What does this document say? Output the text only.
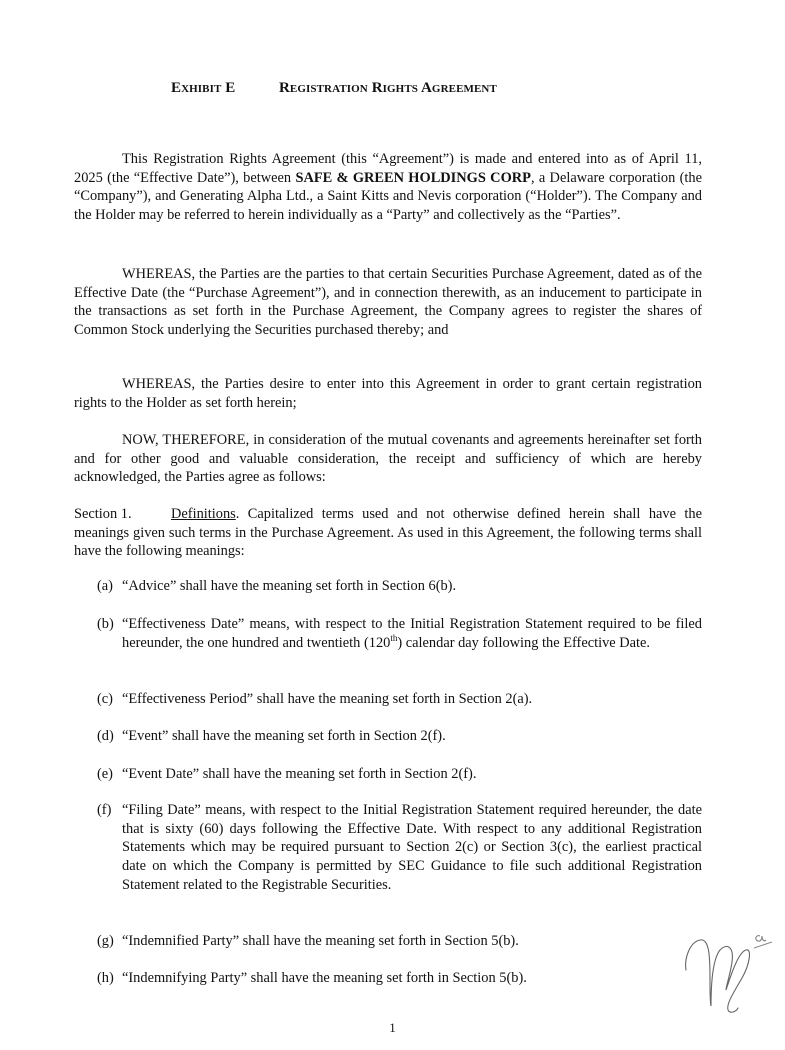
Exhibit E	Registration Rights Agreement

This Registration Rights Agreement (this “Agreement”) is made and entered into as of April 11, 2025 (the “Effective Date”), between SAFE & GREEN HOLDINGS CORP, a Delaware corporation (the “Company”), and Generating Alpha Ltd., a Saint Kitts and Nevis corporation (“Holder”). The Company and the Holder may be referred to herein individually as a “Party” and collectively as the “Parties”.

WHEREAS, the Parties are the parties to that certain Securities Purchase Agreement, dated as of the Effective Date (the “Purchase Agreement”), and in connection therewith, as an inducement to participate in the transactions as set forth in the Purchase Agreement, the Company agrees to register the shares of Common Stock underlying the Securities purchased thereby; and

WHEREAS, the Parties desire to enter into this Agreement in order to grant certain registration rights to the Holder as set forth herein;

NOW, THEREFORE, in consideration of the mutual covenants and agreements hereinafter set forth and for other good and valuable consideration, the receipt and sufficiency of which are hereby acknowledged, the Parties agree as follows:

Section 1.	Definitions. Capitalized terms used and not otherwise defined herein shall have the meanings given such terms in the Purchase Agreement. As used in this Agreement, the following terms shall have the following meanings:

(a) “Advice” shall have the meaning set forth in Section 6(b).
(b) “Effectiveness Date” means, with respect to the Initial Registration Statement required to be filed hereunder, the one hundred and twentieth (120th) calendar day following the Effective Date.
(c) “Effectiveness Period” shall have the meaning set forth in Section 2(a).
(d) “Event” shall have the meaning set forth in Section 2(f).
(e) “Event Date” shall have the meaning set forth in Section 2(f).
(f) “Filing Date” means, with respect to the Initial Registration Statement required hereunder, the date that is sixty (60) days following the Effective Date. With respect to any additional Registration Statements which may be required pursuant to Section 2(c) or Section 3(c), the earliest practical date on which the Company is permitted by SEC Guidance to file such additional Registration Statement related to the Registrable Securities.
(g) “Indemnified Party” shall have the meaning set forth in Section 5(b).
(h) “Indemnifying Party” shall have the meaning set forth in Section 5(b).
1
